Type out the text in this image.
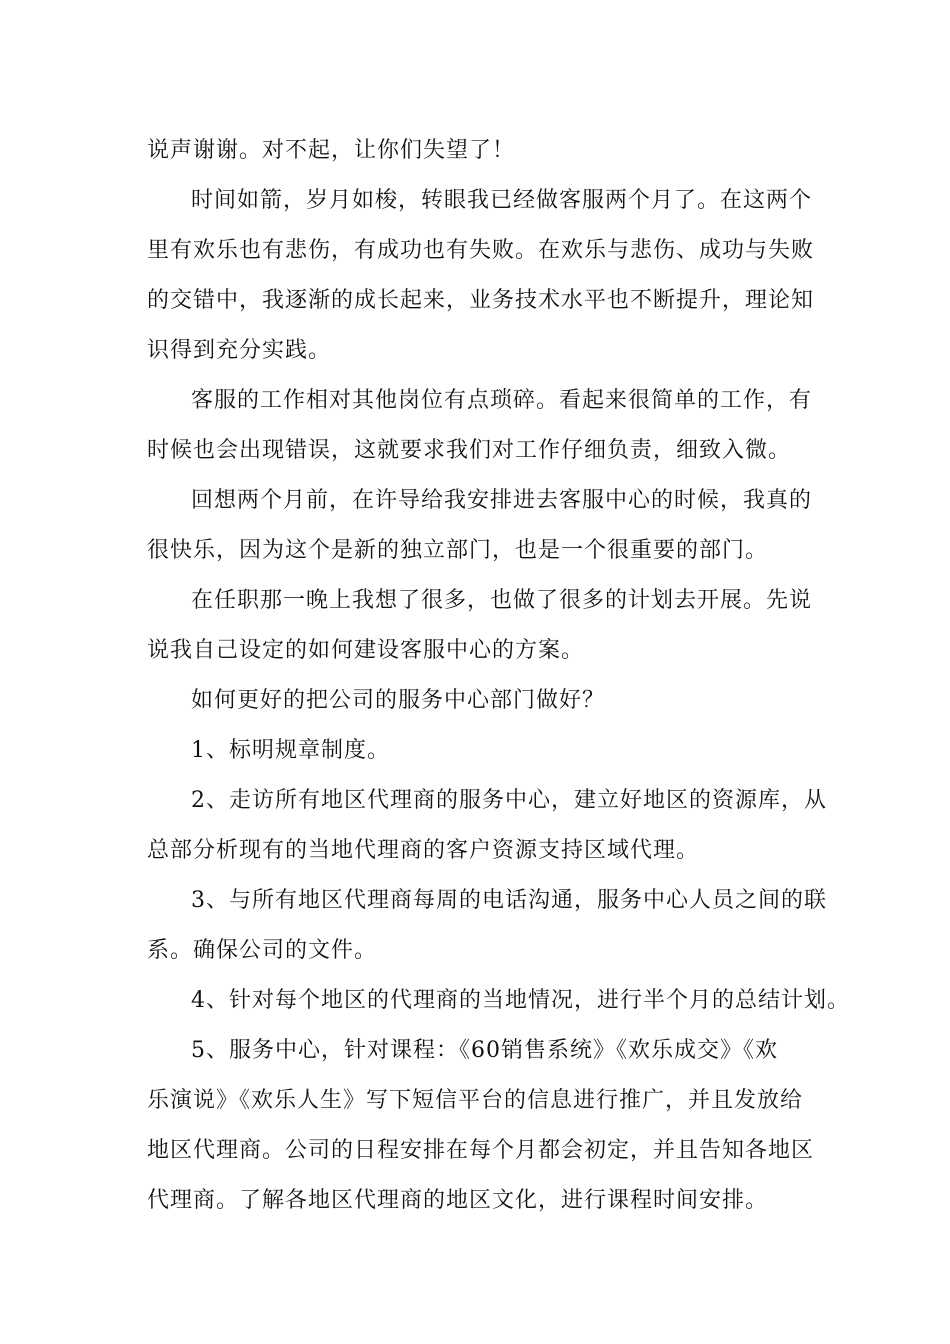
说声谢谢。对不起，让你们失望了！
时间如箭，岁月如梭，转眼我已经做客服两个月了。在这两个
里有欢乐也有悲伤，有成功也有失败。在欢乐与悲伤、成功与失败
的交错中，我逐渐的成长起来，业务技术水平也不断提升，理论知
识得到充分实践。
客服的工作相对其他岗位有点琐碎。看起来很简单的工作，有
时候也会出现错误，这就要求我们对工作仔细负责，细致入微。
回想两个月前，在许导给我安排进去客服中心的时候，我真的
很快乐，因为这个是新的独立部门，也是一个很重要的部门。
在任职那一晚上我想了很多，也做了很多的计划去开展。先说
说我自己设定的如何建设客服中心的方案。
如何更好的把公司的服务中心部门做好？
1、标明规章制度。
2、走访所有地区代理商的服务中心，建立好地区的资源库，从
总部分析现有的当地代理商的客户资源支持区域代理。
3、与所有地区代理商每周的电话沟通，服务中心人员之间的联
系。确保公司的文件。
4、针对每个地区的代理商的当地情况，进行半个月的总结计划。
5、服务中心，针对课程：《60销售系统》《欢乐成交》《欢
乐演说》《欢乐人生》写下短信平台的信息进行推广，并且发放给
地区代理商。公司的日程安排在每个月都会初定，并且告知各地区
代理商。了解各地区代理商的地区文化，进行课程时间安排。
